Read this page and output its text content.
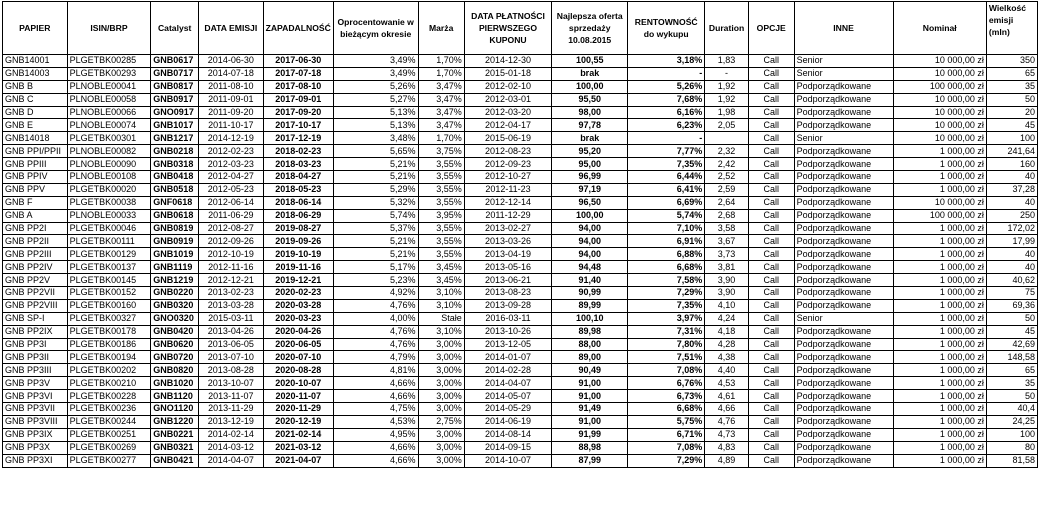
PAPIER	ISIN/BRP	Catalyst	DATA EMISJI	ZAPADALNOŚĆ	Oprocentowanie w bieżącym okresie	Marża	DATA PŁATNOŚCI PIERWSZEGO KUPONU	Najlepsza oferta sprzedaży 10.08.2015	RENTOWNOŚĆ do wykupu	Duration	OPCJE	INNE	Nominał	Wielkość emisji (mln)
GNB14001	PLGETBK00285	GNB0617	2014-06-30	2017-06-30	3,49%	1,70%	2014-12-30	100,55	3,18%	1,83	Call	Senior	10 000,00 zł	350
GNB14003	PLGETBK00293	GNB0717	2014-07-18	2017-07-18	3,49%	1,70%	2015-01-18	brak	-	-	Call	Senior	10 000,00 zł	65
GNB B	PLNOBLE00041	GNB0817	2011-08-10	2017-08-10	5,26%	3,47%	2012-02-10	100,00	5,26%	1,92	Call	Podporządkowane	100 000,00 zł	35
GNB C	PLNOBLE00058	GNB0917	2011-09-01	2017-09-01	5,27%	3,47%	2012-03-01	95,50	7,68%	1,92	Call	Podporządkowane	10 000,00 zł	50
GNB D	PLNOBLE00066	GNO0917	2011-09-20	2017-09-20	5,13%	3,47%	2012-03-20	98,00	6,16%	1,98	Call	Podporządkowane	10 000,00 zł	20
GNB E	PLNOBLE00074	GNB1017	2011-10-17	2017-10-17	5,13%	3,47%	2012-04-17	97,78	6,23%	2,05	Call	Podporządkowane	10 000,00 zł	45
GNB14018	PLGETBK00301	GNB1217	2014-12-19	2017-12-19	3,48%	1,70%	2015-06-19	brak	-		Call	Senior	10 000,00 zł	100
GNB PPI/PPII	PLNOBLE00082	GNB0218	2012-02-23	2018-02-23	5,65%	3,75%	2012-08-23	95,20	7,77%	2,32	Call	Podporządkowane	1 000,00 zł	241,64
GNB PPIII	PLNOBLE00090	GNB0318	2012-03-23	2018-03-23	5,21%	3,55%	2012-09-23	95,00	7,35%	2,42	Call	Podporządkowane	1 000,00 zł	160
GNB PPIV	PLNOBLE00108	GNB0418	2012-04-27	2018-04-27	5,21%	3,55%	2012-10-27	96,99	6,44%	2,52	Call	Podporządkowane	1 000,00 zł	40
GNB PPV	PLGETBK00020	GNB0518	2012-05-23	2018-05-23	5,29%	3,55%	2012-11-23	97,19	6,41%	2,59	Call	Podporządkowane	1 000,00 zł	37,28
GNB F	PLGETBK00038	GNF0618	2012-06-14	2018-06-14	5,32%	3,55%	2012-12-14	96,50	6,69%	2,64	Call	Podporządkowane	10 000,00 zł	40
GNB A	PLNOBLE00033	GNB0618	2011-06-29	2018-06-29	5,74%	3,95%	2011-12-29	100,00	5,74%	2,68	Call	Podporządkowane	100 000,00 zł	250
GNB PP2I	PLGETBK00046	GNB0819	2012-08-27	2019-08-27	5,37%	3,55%	2013-02-27	94,00	7,10%	3,58	Call	Podporządkowane	1 000,00 zł	172,02
GNB PP2II	PLGETBK00111	GNB0919	2012-09-26	2019-09-26	5,21%	3,55%	2013-03-26	94,00	6,91%	3,67	Call	Podporządkowane	1 000,00 zł	17,99
GNB PP2III	PLGETBK00129	GNB1019	2012-10-19	2019-10-19	5,21%	3,55%	2013-04-19	94,00	6,88%	3,73	Call	Podporządkowane	1 000,00 zł	40
GNB PP2IV	PLGETBK00137	GNB1119	2012-11-16	2019-11-16	5,17%	3,45%	2013-05-16	94,48	6,68%	3,81	Call	Podporządkowane	1 000,00 zł	40
GNB PP2V	PLGETBK00145	GNB1219	2012-12-21	2019-12-21	5,23%	3,45%	2013-06-21	91,40	7,58%	3,90	Call	Podporządkowane	1 000,00 zł	40,62
GNB PP2VII	PLGETBK00152	GNB0220	2013-02-23	2020-02-23	4,92%	3,10%	2013-08-23	90,99	7,29%	3,90	Call	Podporządkowane	1 000,00 zł	75
GNB PP2VIII	PLGETBK00160	GNB0320	2013-03-28	2020-03-28	4,76%	3,10%	2013-09-28	89,99	7,35%	4,10	Call	Podporządkowane	1 000,00 zł	69,36
GNB SP-I	PLGETBK00327	GNO0320	2015-03-11	2020-03-23	4,00%	Stałe	2016-03-11	100,10	3,97%	4,24	Call	Senior	1 000,00 zł	50
GNB PP2IX	PLGETBK00178	GNB0420	2013-04-26	2020-04-26	4,76%	3,10%	2013-10-26	89,98	7,31%	4,18	Call	Podporządkowane	1 000,00 zł	45
GNB PP3I	PLGETBK00186	GNB0620	2013-06-05	2020-06-05	4,76%	3,00%	2013-12-05	88,00	7,80%	4,28	Call	Podporządkowane	1 000,00 zł	42,69
GNB PP3II	PLGETBK00194	GNB0720	2013-07-10	2020-07-10	4,79%	3,00%	2014-01-07	89,00	7,51%	4,38	Call	Podporządkowane	1 000,00 zł	148,58
GNB PP3III	PLGETBK00202	GNB0820	2013-08-28	2020-08-28	4,81%	3,00%	2014-02-28	90,49	7,08%	4,40	Call	Podporządkowane	1 000,00 zł	65
GNB PP3V	PLGETBK00210	GNB1020	2013-10-07	2020-10-07	4,66%	3,00%	2014-04-07	91,00	6,76%	4,53	Call	Podporządkowane	1 000,00 zł	35
GNB PP3VI	PLGETBK00228	GNB1120	2013-11-07	2020-11-07	4,66%	3,00%	2014-05-07	91,00	6,73%	4,61	Call	Podporządkowane	1 000,00 zł	50
GNB PP3VII	PLGETBK00236	GNO1120	2013-11-29	2020-11-29	4,75%	3,00%	2014-05-29	91,49	6,68%	4,66	Call	Podporządkowane	1 000,00 zł	40,4
GNB PP3VIII	PLGETBK00244	GNB1220	2013-12-19	2020-12-19	4,53%	2,75%	2014-06-19	91,00	5,75%	4,76	Call	Podporządkowane	1 000,00 zł	24,25
GNB PP3IX	PLGETBK00251	GNB0221	2014-02-14	2021-02-14	4,95%	3,00%	2014-08-14	91,99	6,71%	4,73	Call	Podporządkowane	1 000,00 zł	100
GNB PP3X	PLGETBK00269	GNB0321	2014-03-12	2021-03-12	4,66%	3,00%	2014-09-15	88,98	7,08%	4,83	Call	Podporządkowane	1 000,00 zł	80
GNB PP3XI	PLGETBK00277	GNB0421	2014-04-07	2021-04-07	4,66%	3,00%	2014-10-07	87,99	7,29%	4,89	Call	Podporządkowane	1 000,00 zł	81,58
